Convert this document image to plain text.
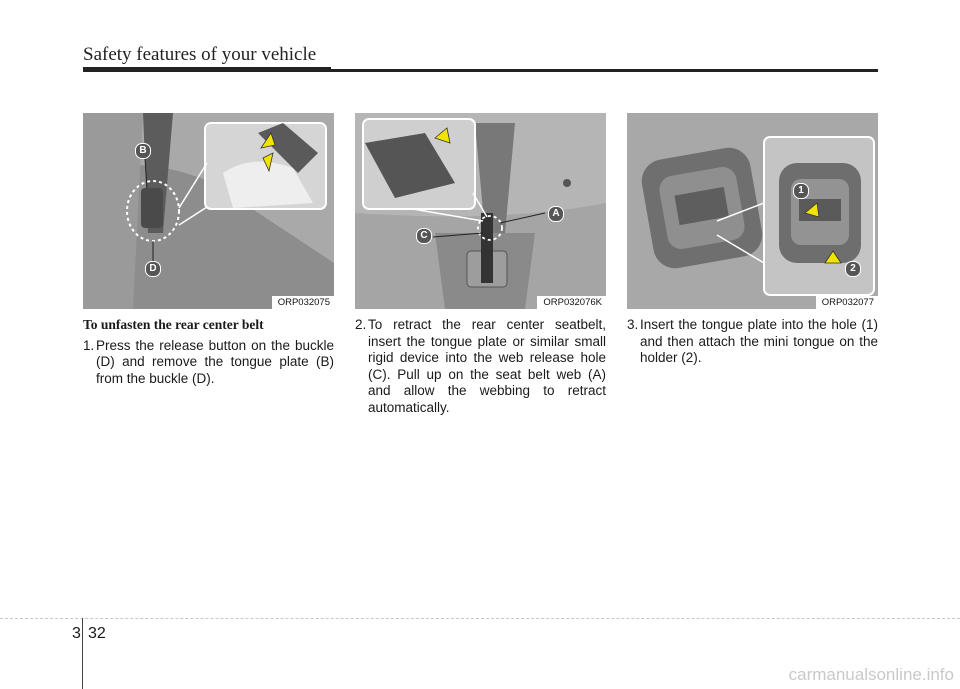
Safety features of your vehicle
B
D
ORP032075
A
C
ORP032076K
1
2
ORP032077

To unfasten the rear center belt

1. Press the release button on the buckle (D) and remove the tongue plate (B) from the buckle (D).
2. To retract the rear center seatbelt, insert the tongue plate or similar small rigid device into the web release hole (C). Pull up on the seat belt web (A) and allow the webbing to retract automatically.
3. Insert the tongue plate into the hole (1) and then attach the mini tongue on the holder (2).
3 32
carmanualsonline.info
